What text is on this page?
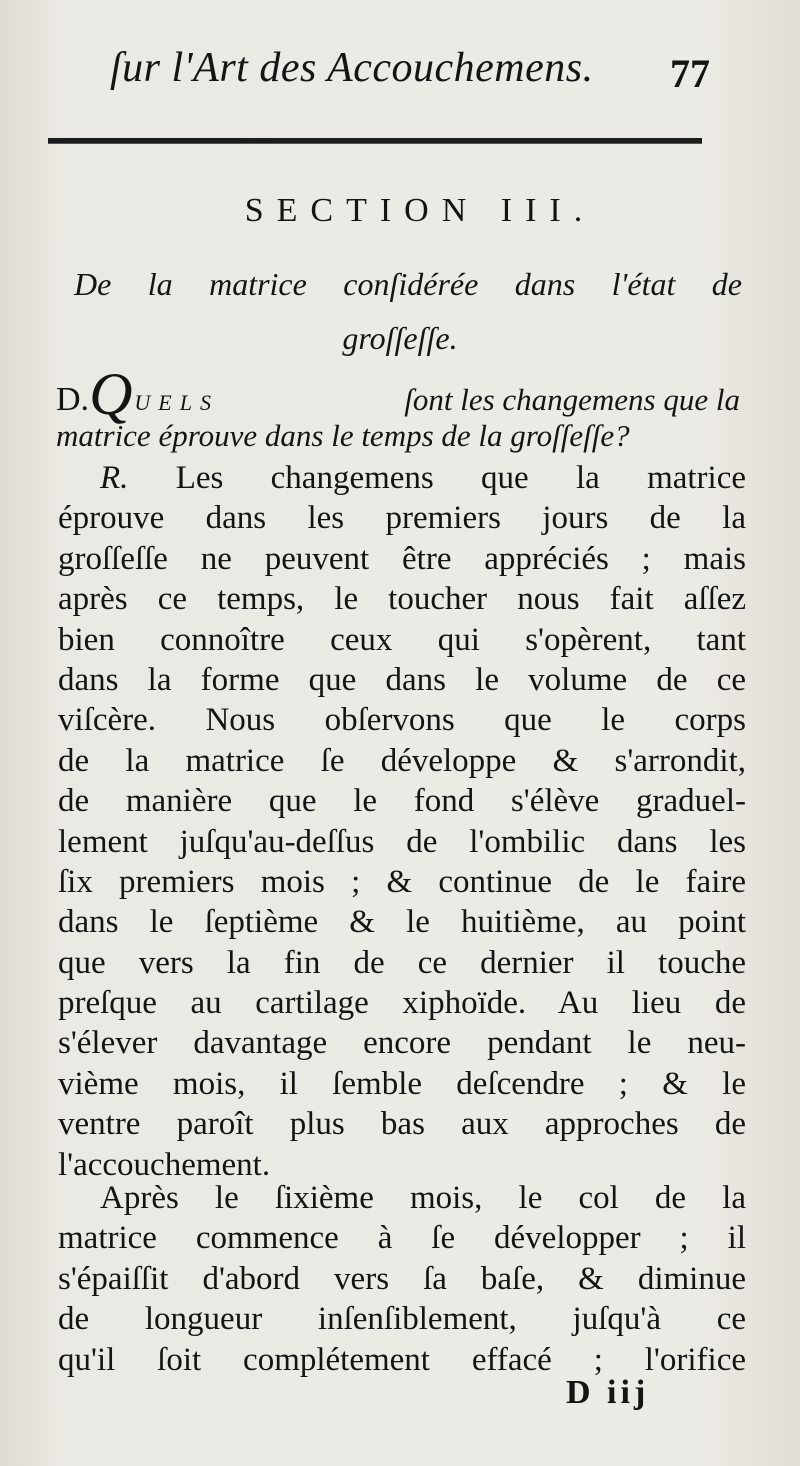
ſur l'Art des Accouchemens. 77
SECTION III.
De la matrice conſidérée dans l'état de
groſſeſſe.
D.QUELS	ſont les changemens que la
matrice éprouve dans le temps de la groſſeſſe?
R. Les changemens que la matrice
éprouve dans les premiers jours de la
groſſeſſe ne peuvent être appréciés ; mais
après ce temps, le toucher nous fait aſſez
bien connoître ceux qui s'opèrent, tant
dans la forme que dans le volume de ce
viſcère. Nous obſervons que le corps
de la matrice ſe développe & s'arrondit,
de manière que le fond s'élève graduel-
lement juſqu'au-deſſus de l'ombilic dans les
ſix premiers mois ; & continue de le faire
dans le ſeptième & le huitième, au point
que vers la fin de ce dernier il touche
preſque au cartilage xiphoïde. Au lieu de
s'élever davantage encore pendant le neu-
vième mois, il ſemble deſcendre ; & le
ventre paroît plus bas aux approches de
l'accouchement.
Après le ſixième mois, le col de la
matrice commence à ſe développer ; il
s'épaiſſit d'abord vers ſa baſe, & diminue
de longueur inſenſiblement, juſqu'à ce
qu'il ſoit complétement effacé ; l'orifice
D iij
